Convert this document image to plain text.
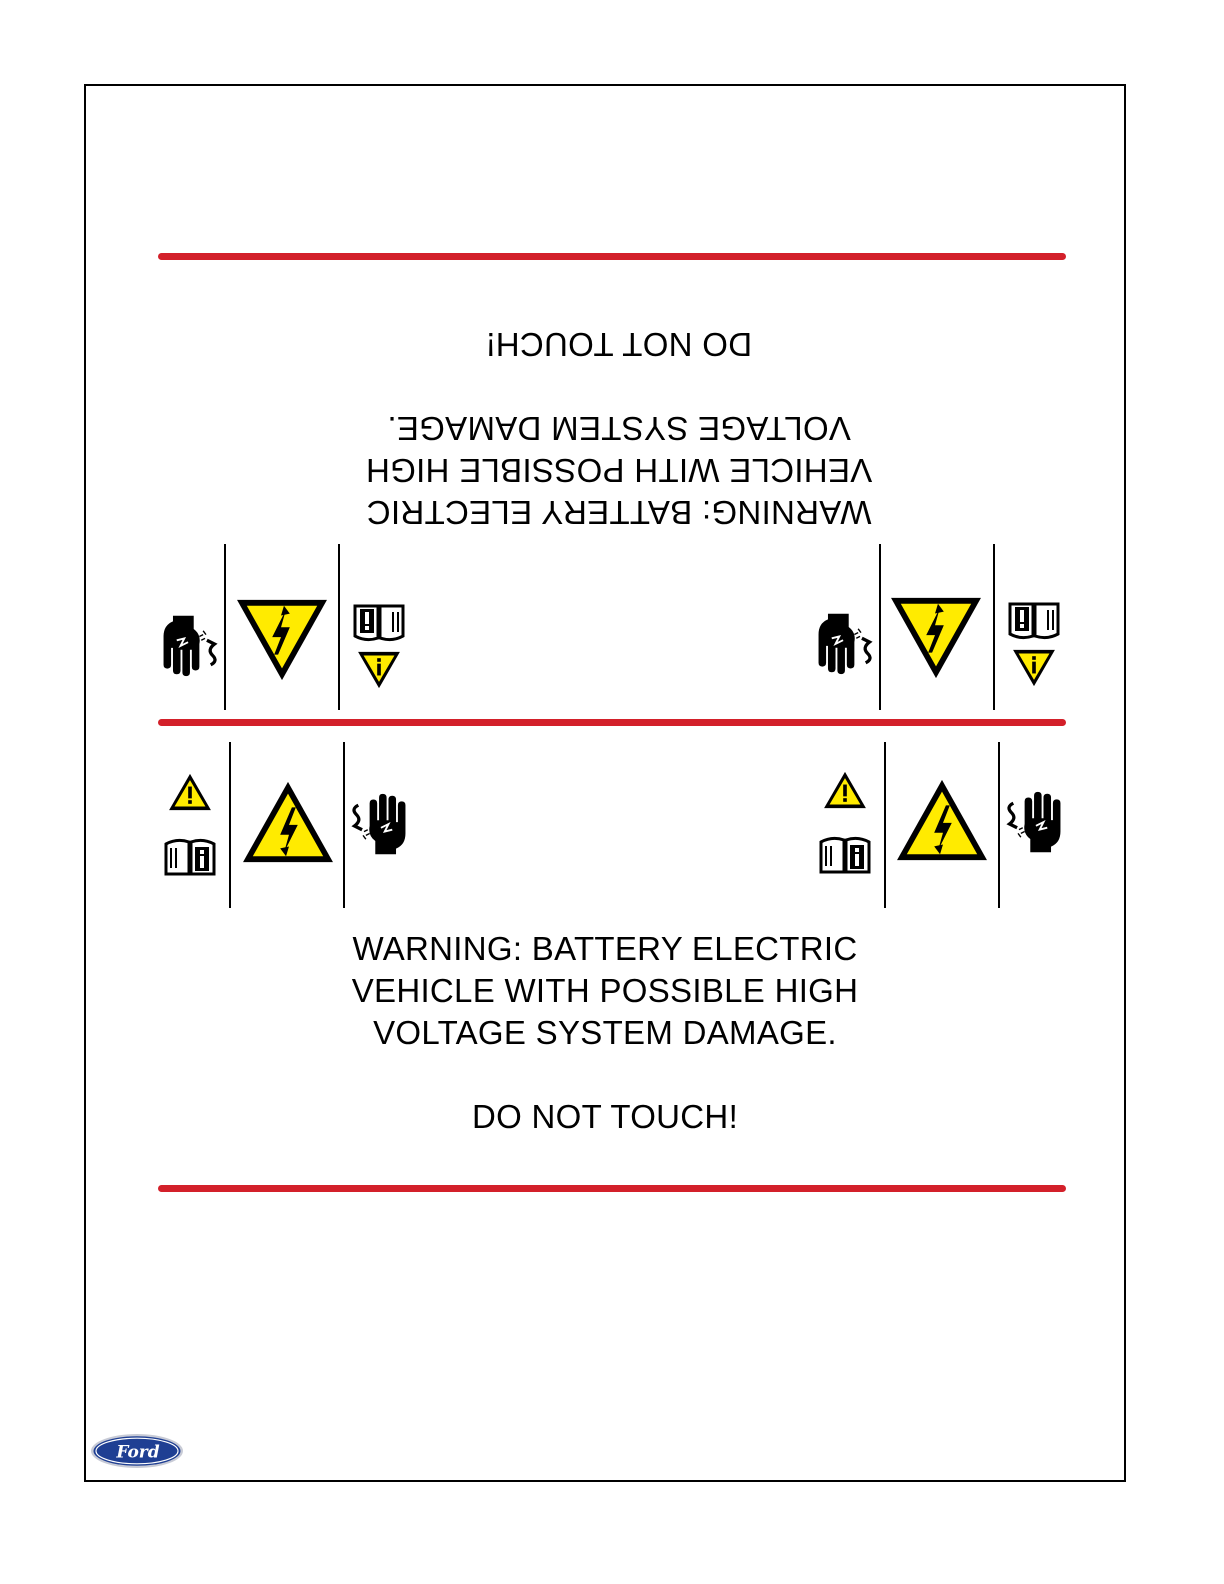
WARNING: BATTERY ELECTRIC
VEHICLE WITH POSSIBLE HIGH
VOLTAGE SYSTEM DAMAGE.
DO NOT TOUCH!
WARNING: BATTERY ELECTRIC
VEHICLE WITH POSSIBLE HIGH
VOLTAGE SYSTEM DAMAGE.
DO NOT TOUCH!
Ford
